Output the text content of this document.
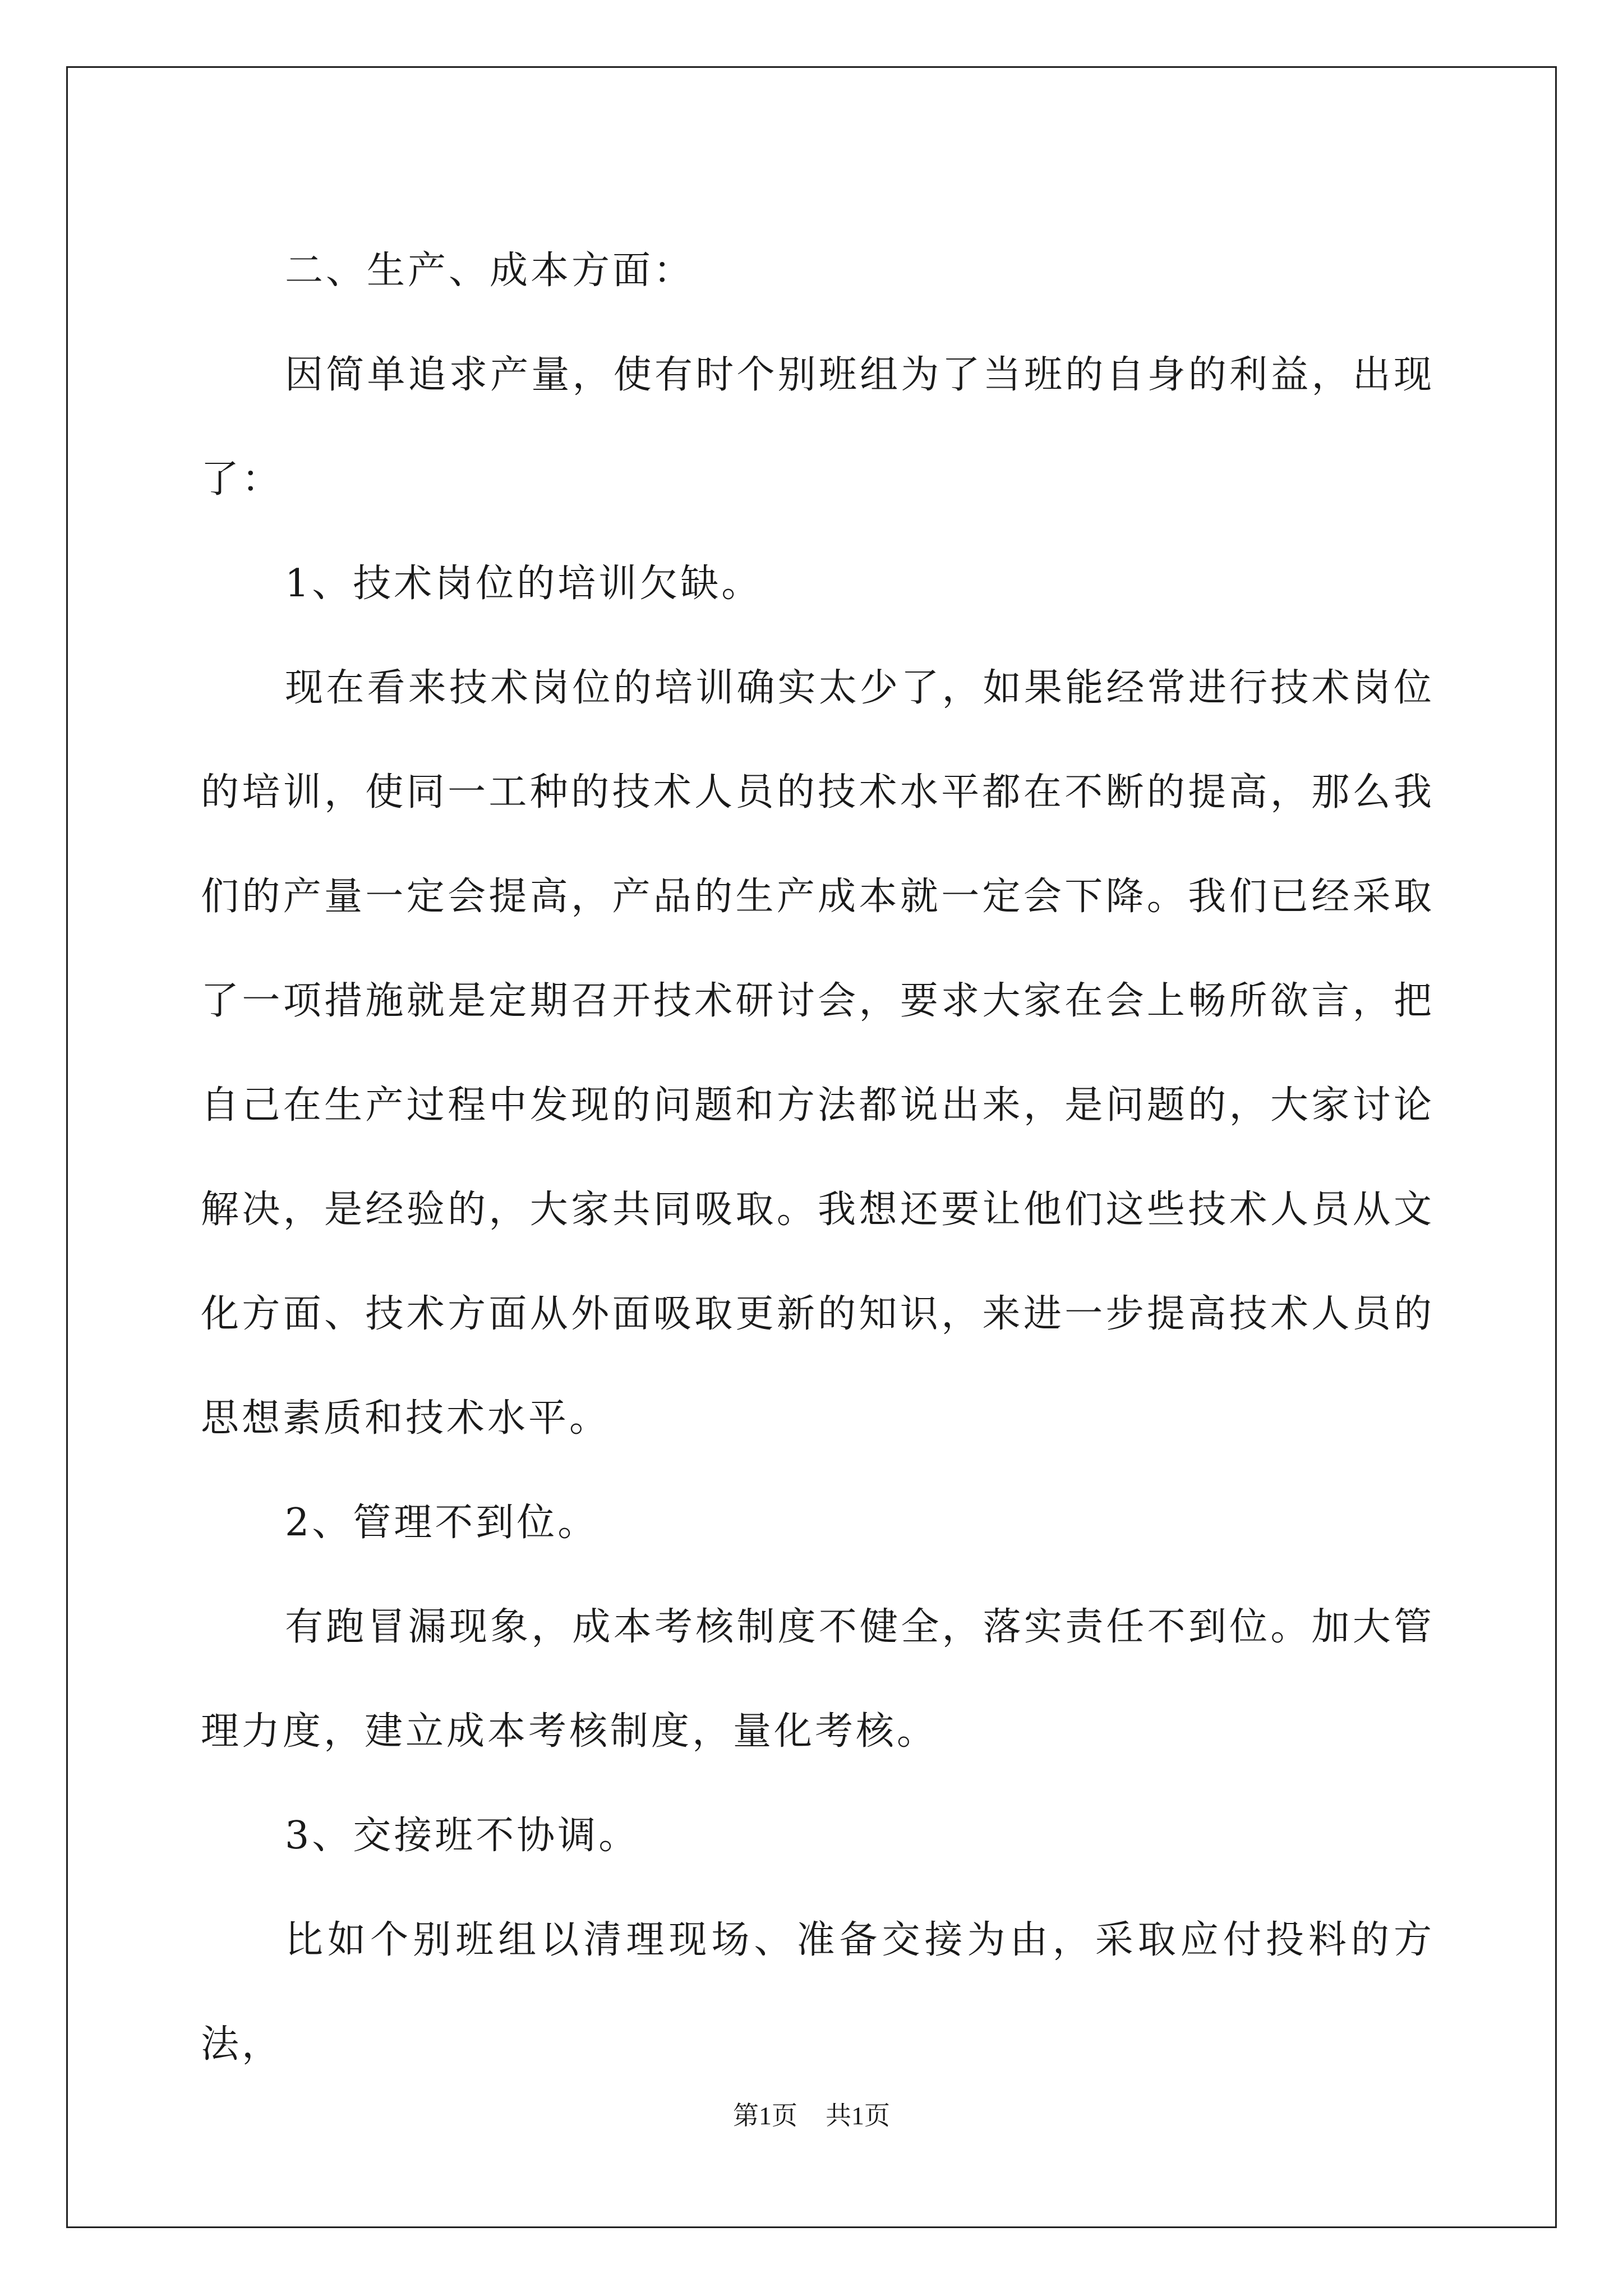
二、生产、成本方面：

因简单追求产量，使有时个别班组为了当班的自身的利益，出现了：

1、技术岗位的培训欠缺。

现在看来技术岗位的培训确实太少了，如果能经常进行技术岗位的培训，使同一工种的技术人员的技术水平都在不断的提高，那么我们的产量一定会提高，产品的生产成本就一定会下降。我们已经采取了一项措施就是定期召开技术研讨会，要求大家在会上畅所欲言，把自己在生产过程中发现的问题和方法都说出来，是问题的，大家讨论解决，是经验的，大家共同吸取。我想还要让他们这些技术人员从文化方面、技术方面从外面吸取更新的知识，来进一步提高技术人员的思想素质和技术水平。

2、管理不到位。

有跑冒漏现象，成本考核制度不健全，落实责任不到位。加大管理力度，建立成本考核制度，量化考核。

3、交接班不协调。

比如个别班组以清理现场、准备交接为由，采取应付投料的方法，

第1页 共1页
